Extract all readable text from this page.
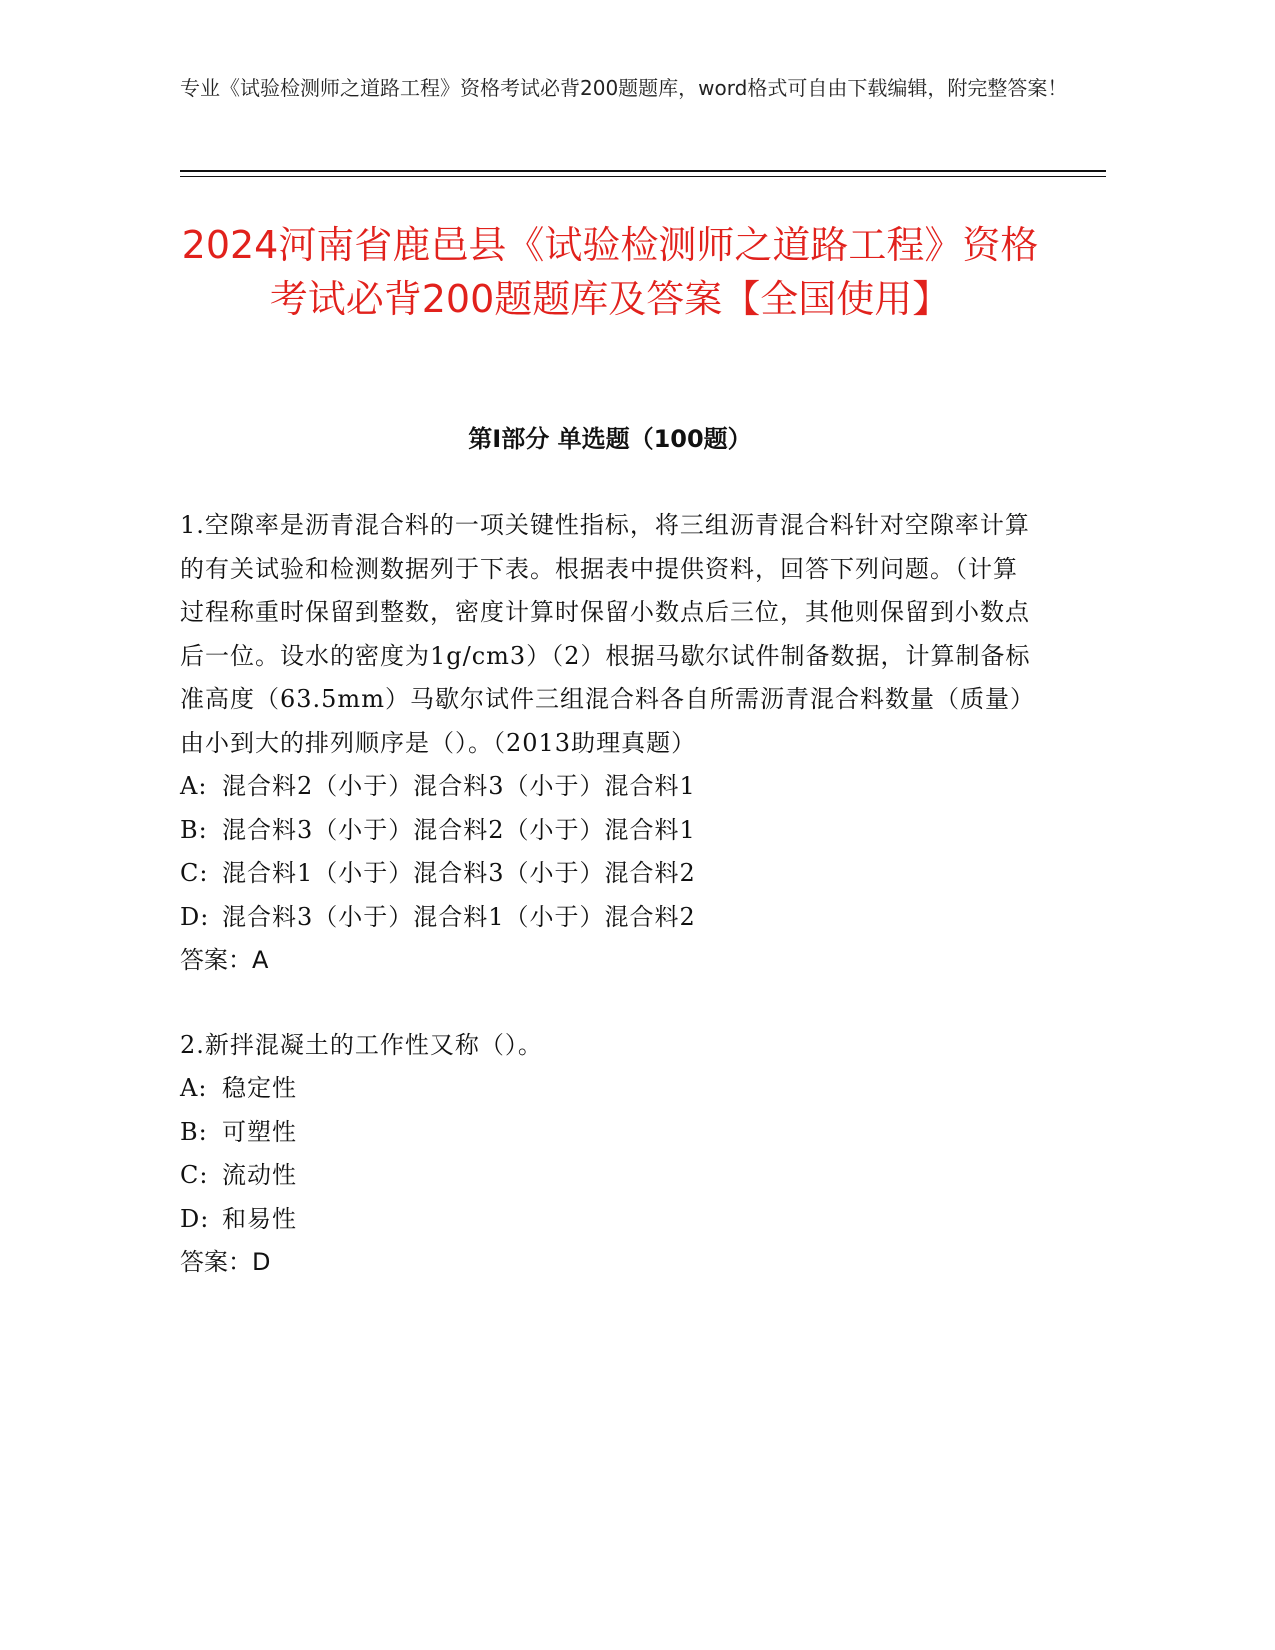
专业《试验检测师之道路工程》资格考试必背200题题库，word格式可自由下载编辑，附完整答案！
2024河南省鹿邑县《试验检测师之道路工程》资格考试必背200题题库及答案【全国使用】
第I部分 单选题（100题）
1.空隙率是沥青混合料的一项关键性指标，将三组沥青混合料针对空隙率计算的有关试验和检测数据列于下表。根据表中提供资料，回答下列问题。（计算过程称重时保留到整数，密度计算时保留小数点后三位，其他则保留到小数点后一位。设水的密度为1g/cm3）（2）根据马歇尔试件制备数据，计算制备标准高度（63.5mm）马歇尔试件三组混合料各自所需沥青混合料数量（质量）由小到大的排列顺序是（）。（2013助理真题）
A: 混合料2（小于）混合料3（小于）混合料1
B: 混合料3（小于）混合料2（小于）混合料1
C: 混合料1（小于）混合料3（小于）混合料2
D: 混合料3（小于）混合料1（小于）混合料2
答案：A
2.新拌混凝土的工作性又称（）。
A: 稳定性
B: 可塑性
C: 流动性
D: 和易性
答案：D
